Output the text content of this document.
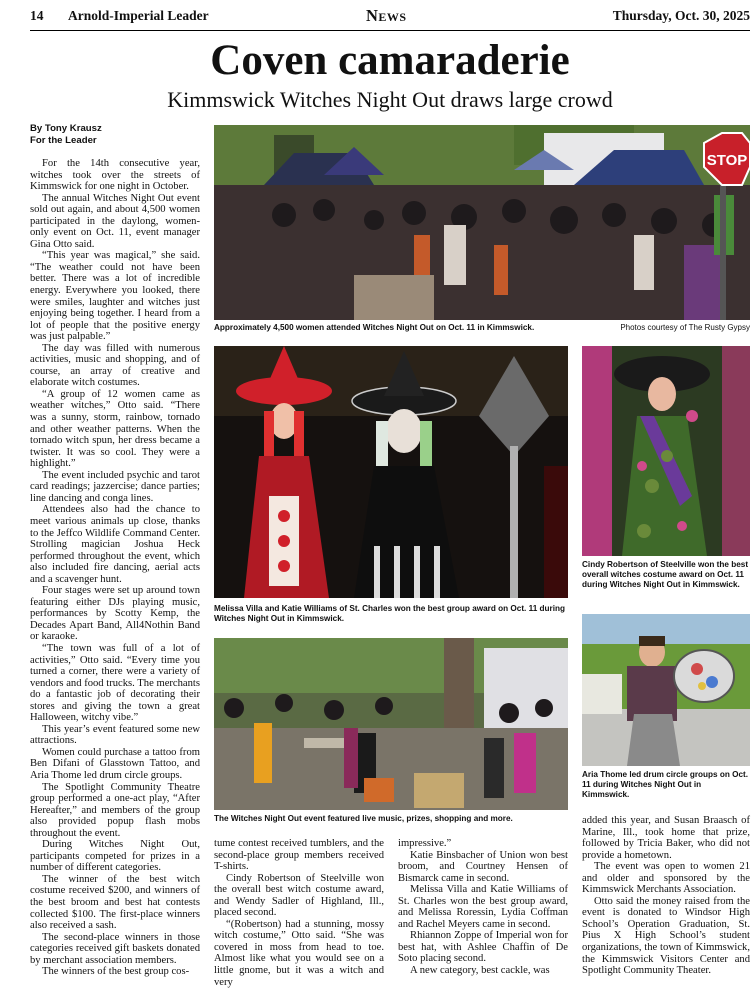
14 Arnold-Imperial Leader	News	Thursday, Oct. 30, 2025
Coven camaraderie
Kimmswick Witches Night Out draws large crowd
By Tony Krausz
For the Leader

For the 14th consecutive year, witches took over the streets of Kimmswick for one night in October.

The annual Witches Night Out event sold out again, and about 4,500 women participated in the daylong, women-only event on Oct. 11, event manager Gina Otto said.

“This year was magical,” she said. “The weather could not have been better. There was a lot of incredible energy. Everywhere you looked, there were smiles, laughter and witches just enjoying being together. I heard from a lot of people that the positive energy was just palpable.”

The day was filled with numerous activities, music and shopping, and of course, an array of creative and elaborate witch costumes.

“A group of 12 women came as weather witches,” Otto said. “There was a sunny, storm, rainbow, tornado and other weather patterns. When the tornado witch spun, her dress became a twister. It was so cool. They were a highlight.”

The event included psychic and tarot card readings; jazzercise; dance parties; line dancing and conga lines.

Attendees also had the chance to meet various animals up close, thanks to the Jeffco Wildlife Command Center. Strolling magician Joshua Heck performed throughout the event, which also included fire dancing, aerial acts and a scavenger hunt.

Four stages were set up around town featuring either DJs playing music, performances by Scotty Kemp, the Decades Apart Band, All4Nothin Band or karaoke.

“The town was full of a lot of activities,” Otto said. “Every time you turned a corner, there were a variety of vendors and food trucks. The merchants do a fantastic job of decorating their stores and giving the town a great Halloween, witchy vibe.”

This year’s event featured some new attractions.

Women could purchase a tattoo from Ben Difani of Glasstown Tattoo, and Aria Thome led drum circle groups.

The Spotlight Community Theatre group performed a one-act play, “After Hereafter,” and members of the group also provided popup flash mobs throughout the event.

During Witches Night Out, participants competed for prizes in a number of different categories.

The winner of the best witch costume received $200, and winners of the best broom and best hat contests collected $100. The first-place winners also received a sash.

The second-place winners in those categories received gift baskets donated by merchant association members.

The winners of the best group cos-

STOP
Approximately 4,500 women attended Witches Night Out on Oct. 11 in Kimmswick.	Photos courtesy of The Rusty Gypsy
Melissa Villa and Katie Williams of St. Charles won the best group award on Oct. 11 during Witches Night Out in Kimmswick.
Cindy Robertson of Steelville won the best overall witches costume award on Oct. 11 during Witches Night Out in Kimmswick.
The Witches Night Out event featured live music, prizes, shopping and more.
Aria Thome led drum circle groups on Oct. 11 during Witches Night Out in Kimmswick.

tume contest received tumblers, and the second-place group members received T-shirts.

Cindy Robertson of Steelville won the overall best witch costume award, and Wendy Sadler of Highland, Ill., placed second.

“(Robertson) had a stunning, mossy witch costume,” Otto said. “She was covered in moss from head to toe. Almost like what you would see on a little gnome, but it was a witch and very

impressive.”

Katie Binsbacher of Union won best broom, and Courtney Hensen of Bismarck came in second.

Melissa Villa and Katie Williams of St. Charles won the best group award, and Melissa Roressin, Lydia Coffman and Rachel Meyers came in second.

Rhiannon Zoppe of Imperial won for best hat, with Ashlee Chaffin of De Soto placing second.

A new category, best cackle, was

added this year, and Susan Braasch of Marine, Ill., took home that prize, followed by Tricia Baker, who did not provide a hometown.

The event was open to women 21 and older and sponsored by the Kimmswick Merchants Association.

Otto said the money raised from the event is donated to Windsor High School’s Operation Graduation, St. Pius X High School’s student organizations, the town of Kimmswick, the Kimmswick Visitors Center and Spotlight Community Theater.
